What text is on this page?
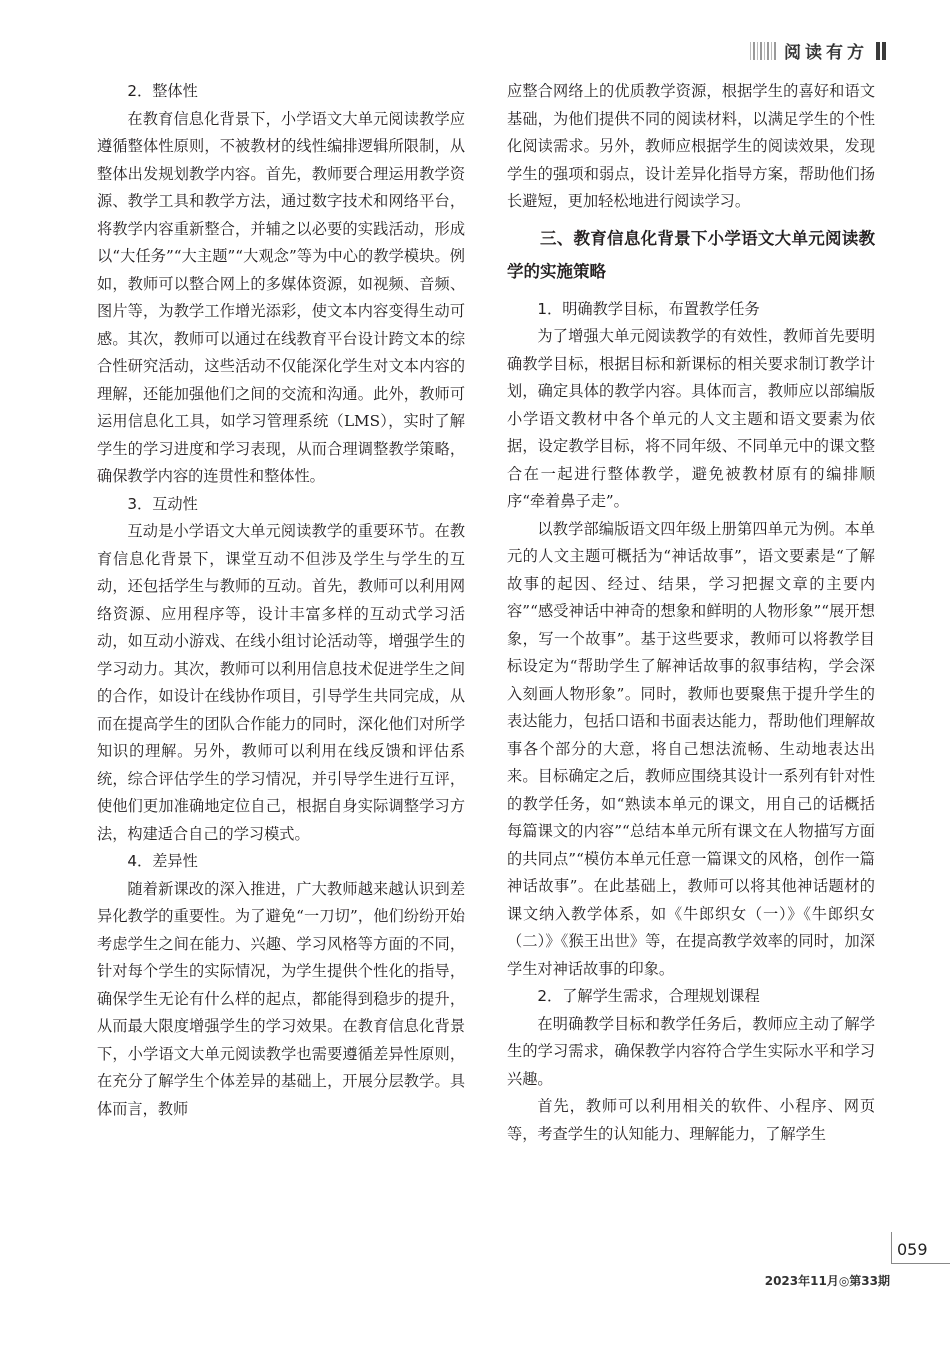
阅读有方
2．整体性

在教育信息化背景下，小学语文大单元阅读教学应遵循整体性原则，不被教材的线性编排逻辑所限制，从整体出发规划教学内容。首先，教师要合理运用教学资源、教学工具和教学方法，通过数字技术和网络平台，将教学内容重新整合，并辅之以必要的实践活动，形成以“大任务”“大主题”“大观念”等为中心的教学模块。例如，教师可以整合网上的多媒体资源，如视频、音频、图片等，为教学工作增光添彩，使文本内容变得生动可感。其次，教师可以通过在线教育平台设计跨文本的综合性研究活动，这些活动不仅能深化学生对文本内容的理解，还能加强他们之间的交流和沟通。此外，教师可运用信息化工具，如学习管理系统（LMS），实时了解学生的学习进度和学习表现，从而合理调整教学策略，确保教学内容的连贯性和整体性。

3．互动性

互动是小学语文大单元阅读教学的重要环节。在教育信息化背景下，课堂互动不但涉及学生与学生的互动，还包括学生与教师的互动。首先，教师可以利用网络资源、应用程序等，设计丰富多样的互动式学习活动，如互动小游戏、在线小组讨论活动等，增强学生的学习动力。其次，教师可以利用信息技术促进学生之间的合作，如设计在线协作项目，引导学生共同完成，从而在提高学生的团队合作能力的同时，深化他们对所学知识的理解。另外，教师可以利用在线反馈和评估系统，综合评估学生的学习情况，并引导学生进行互评，使他们更加准确地定位自己，根据自身实际调整学习方法，构建适合自己的学习模式。

4．差异性

随着新课改的深入推进，广大教师越来越认识到差异化教学的重要性。为了避免“一刀切”，他们纷纷开始考虑学生之间在能力、兴趣、学习风格等方面的不同，针对每个学生的实际情况，为学生提供个性化的指导，确保学生无论有什么样的起点，都能得到稳步的提升，从而最大限度增强学生的学习效果。在教育信息化背景下，小学语文大单元阅读教学也需要遵循差异性原则，在充分了解学生个体差异的基础上，开展分层教学。具体而言，教师

应整合网络上的优质教学资源，根据学生的喜好和语文基础，为他们提供不同的阅读材料，以满足学生的个性化阅读需求。另外，教师应根据学生的阅读效果，发现学生的强项和弱点，设计差异化指导方案，帮助他们扬长避短，更加轻松地进行阅读学习。

三、教育信息化背景下小学语文大单元阅读教学的实施策略
1．明确教学目标，布置教学任务

为了增强大单元阅读教学的有效性，教师首先要明确教学目标，根据目标和新课标的相关要求制订教学计划，确定具体的教学内容。具体而言，教师应以部编版小学语文教材中各个单元的人文主题和语文要素为依据，设定教学目标，将不同年级、不同单元中的课文整合在一起进行整体教学，避免被教材原有的编排顺序“牵着鼻子走”。

以教学部编版语文四年级上册第四单元为例。本单元的人文主题可概括为“神话故事”，语文要素是“了解故事的起因、经过、结果，学习把握文章的主要内容”“感受神话中神奇的想象和鲜明的人物形象”“展开想象，写一个故事”。基于这些要求，教师可以将教学目标设定为“帮助学生了解神话故事的叙事结构，学会深入刻画人物形象”。同时，教师也要聚焦于提升学生的表达能力，包括口语和书面表达能力，帮助他们理解故事各个部分的大意，将自己想法流畅、生动地表达出来。目标确定之后，教师应围绕其设计一系列有针对性的教学任务，如“熟读本单元的课文，用自己的话概括每篇课文的内容”“总结本单元所有课文在人物描写方面的共同点”“模仿本单元任意一篇课文的风格，创作一篇神话故事”。在此基础上，教师可以将其他神话题材的课文纳入教学体系，如《牛郎织女（一）》《牛郎织女（二）》《猴王出世》等，在提高教学效率的同时，加深学生对神话故事的印象。

2．了解学生需求，合理规划课程

在明确教学目标和教学任务后，教师应主动了解学生的学习需求，确保教学内容符合学生实际水平和学习兴趣。

首先，教师可以利用相关的软件、小程序、网页等，考查学生的认知能力、理解能力，了解学生

059
2023年11月◎第33期
